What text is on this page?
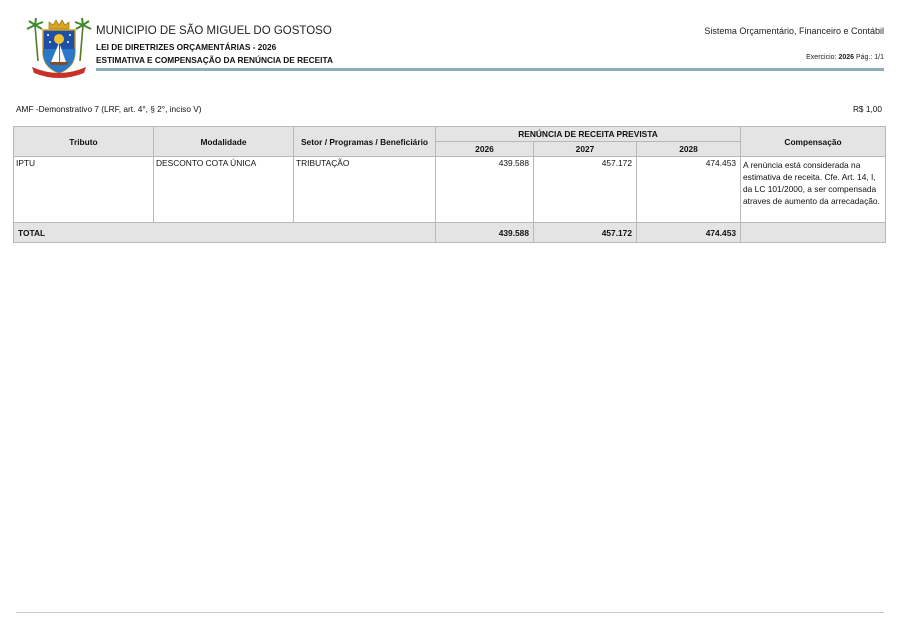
MUNICIPIO DE SÃO MIGUEL DO GOSTOSO
LEI DE DIRETRIZES ORÇAMENTÁRIAS - 2026
ESTIMATIVA E COMPENSAÇÃO DA RENÚNCIA DE RECEITA
Sistema Orçamentário, Financeiro e Contábil
Exercicio: 2026 Pág.: 1/1
AMF -Demonstrativo 7 (LRF, art. 4°, § 2°, inciso V)	R$ 1,00
Tributo	Modalidade	Setor / Programas / Beneficiário	RENÚNCIA DE RECEITA PREVISTA			Compensação
			2026	2027	2028	
IPTU	DESCONTO COTA ÚNICA	TRIBUTAÇÃO	439.588	457.172	474.453	A renúncia está considerada na estimativa de receita. Cfe. Art. 14, I, da LC 101/2000, a ser compensada atraves de aumento da arrecadação.
TOTAL			439.588	457.172	474.453	
